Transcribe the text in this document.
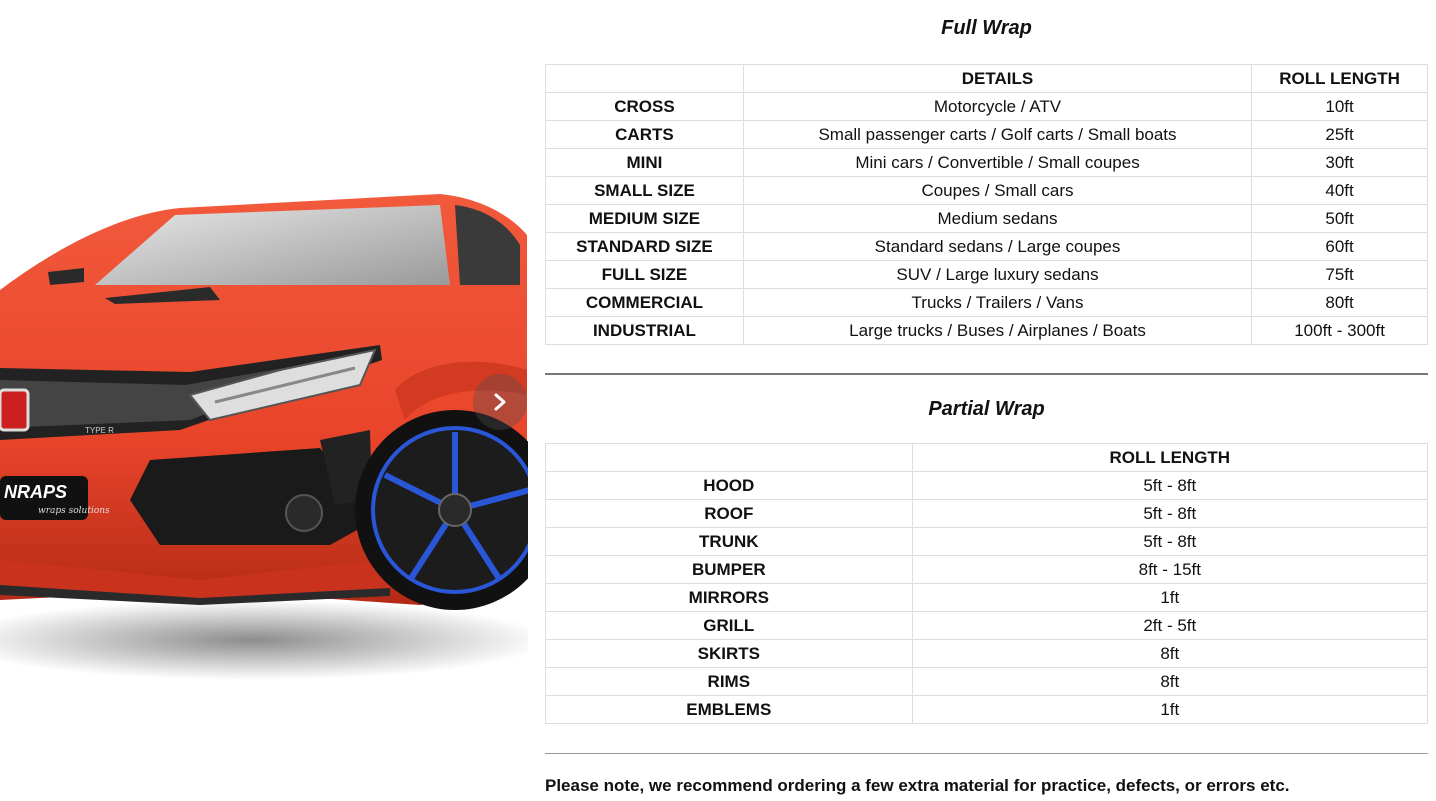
NRAPS
wraps solutions
TYPE R
Full Wrap
	DETAILS	ROLL LENGTH
CROSS	Motorcycle / ATV	10ft
CARTS	Small passenger carts / Golf carts / Small boats	25ft
MINI	Mini cars / Convertible / Small coupes	30ft
SMALL SIZE	Coupes / Small cars	40ft
MEDIUM SIZE	Medium sedans	50ft
STANDARD SIZE	Standard sedans / Large coupes	60ft
FULL SIZE	SUV / Large luxury sedans	75ft
COMMERCIAL	Trucks / Trailers / Vans	80ft
INDUSTRIAL	Large trucks / Buses / Airplanes / Boats	100ft - 300ft
Partial Wrap
	ROLL LENGTH
HOOD	5ft - 8ft
ROOF	5ft - 8ft
TRUNK	5ft - 8ft
BUMPER	8ft - 15ft
MIRRORS	1ft
GRILL	2ft - 5ft
SKIRTS	8ft
RIMS	8ft
EMBLEMS	1ft

Please note, we recommend ordering a few extra material for practice, defects, or errors etc.
